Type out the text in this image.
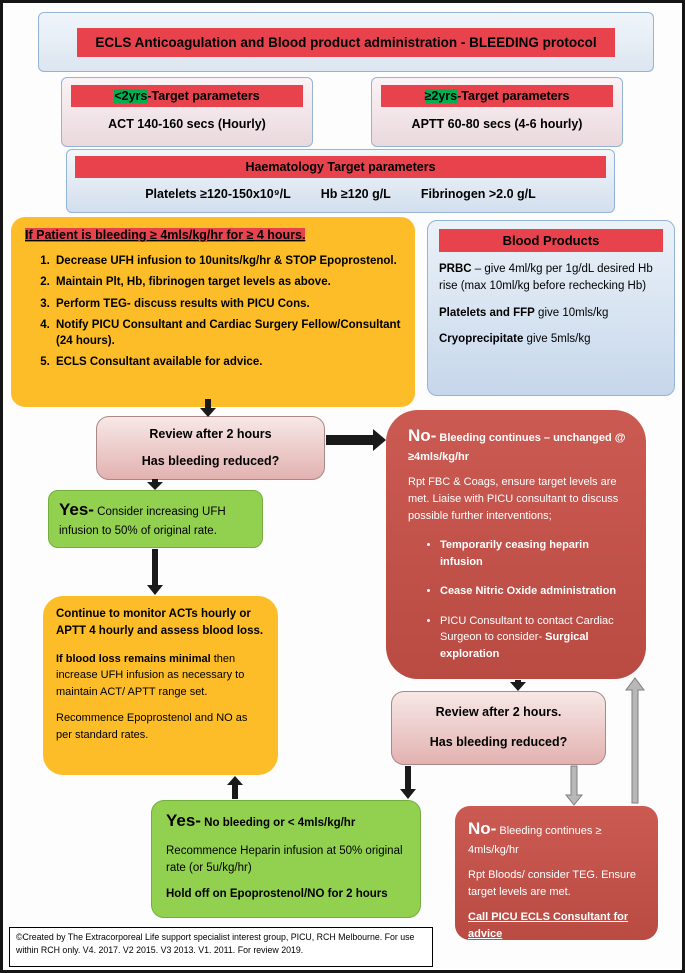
ECLS Anticoagulation and Blood product administration - BLEEDING protocol
<2yrs-Target parameters
ACT 140-160 secs (Hourly)
≥2yrs-Target parameters
APTT 60-80 secs (4-6 hourly)
Haematology Target parameters
Platelets ≥120-150x10⁹/L Hb ≥120 g/L Fibrinogen >2.0 g/L
If Patient is bleeding ≥ 4mls/kg/hr for ≥ 4 hours.
1. Decrease UFH infusion to 10units/kg/hr & STOP Epoprostenol.
2. Maintain Plt, Hb, fibrinogen target levels as above.
3. Perform TEG- discuss results with PICU Cons.
4. Notify PICU Consultant and Cardiac Surgery Fellow/Consultant (24 hours).
5. ECLS Consultant available for advice.
Blood Products

PRBC – give 4ml/kg per 1g/dL desired Hb rise (max 10ml/kg before rechecking Hb)

Platelets and FFP give 10mls/kg

Cryoprecipitate give 5mls/kg

Review after 2 hours
Has bleeding reduced?
Yes- Consider increasing UFH infusion to 50% of original rate.

No- Bleeding continues – unchanged @ ≥4mls/kg/hr

Rpt FBC & Coags, ensure target levels are met. Liaise with PICU consultant to discuss possible further interventions;

• Temporarily ceasing heparin infusion
• Cease Nitric Oxide administration
• PICU Consultant to contact Cardiac Surgeon to consider- Surgical exploration

Continue to monitor ACTs hourly or APTT 4 hourly and assess blood loss.

If blood loss remains minimal then increase UFH infusion as necessary to maintain ACT/ APTT range set.

Recommence Epoprostenol and NO as per standard rates.

Review after 2 hours.
Has bleeding reduced?

Yes- No bleeding or < 4mls/kg/hr

Recommence Heparin infusion at 50% original rate (or 5u/kg/hr)

Hold off on Epoprostenol/NO for 2 hours

No- Bleeding continues ≥ 4mls/kg/hr

Rpt Bloods/ consider TEG. Ensure target levels are met.

Call PICU ECLS Consultant for advice

©Created by The Extracorporeal Life support specialist interest group, PICU, RCH Melbourne. For use within RCH only. V4. 2017. V2 2015. V3 2013. V1. 2011. For review 2019.
